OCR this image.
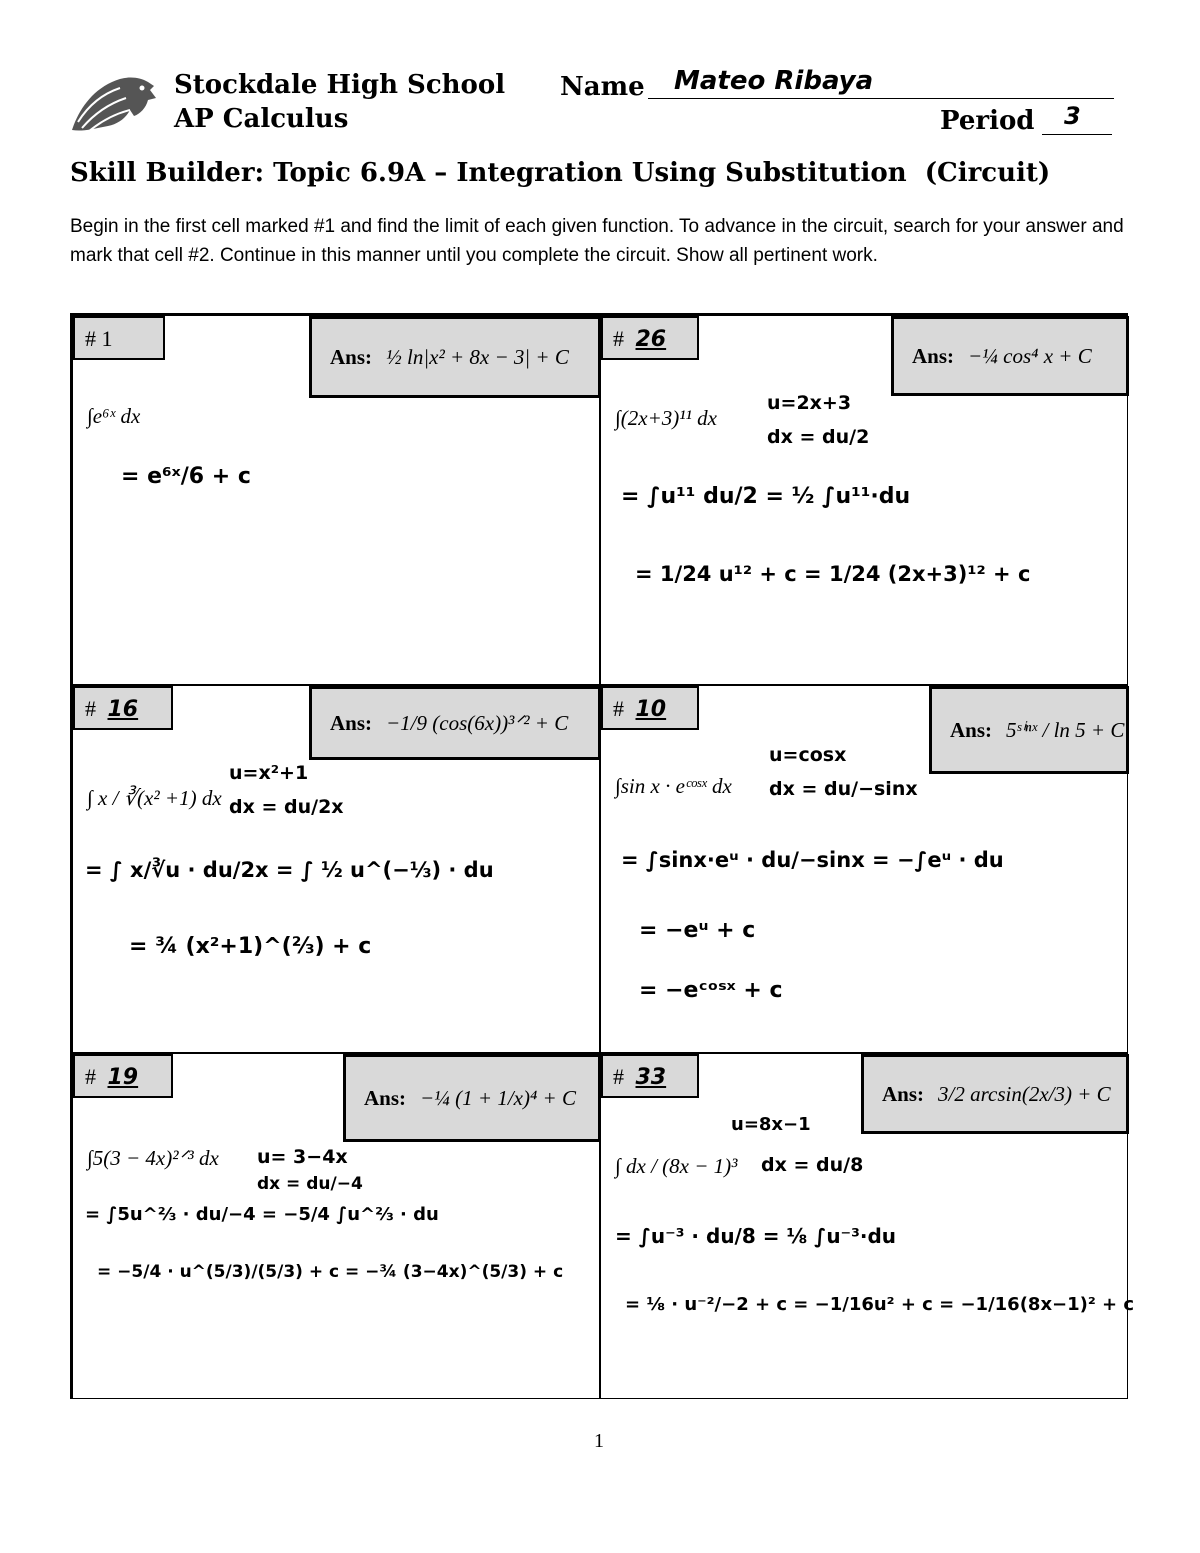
Stockdale High School
AP Calculus
Name Mateo Ribaya
Period 3
Skill Builder: Topic 6.9A – Integration Using Substitution  (Circuit)
Begin in the first cell marked #1 and find the limit of each given function. To advance in the circuit, search for your answer and mark that cell #2. Continue in this manner until you complete the circuit. Show all pertinent work.
# 1
Ans: ½ ln|x² + 8x − 3| + C
∫e⁶ˣ dx
= e⁶ˣ/6 + c
# 26
Ans: −¼ cos⁴ x + C
∫(2x+3)¹¹ dx
u=2x+3
dx = du/2
= ∫u¹¹ du/2 = ½ ∫u¹¹·du
= 1/24 u¹² + c = 1/24 (2x+3)¹² + c
# 16
Ans: −1/9 (cos(6x))³ᐟ² + C
∫ x / ∛(x² +1) dx
u=x²+1
dx = du/2x
= ∫ x/∛u · du/2x = ∫ ½ u^(−⅓) · du
= ¾ (x²+1)^(⅔) + c
# 10
Ans: 5ˢⁱⁿˣ / ln 5 + C
∫sin x · eᶜᵒˢˣ dx
u=cosx
dx = du/−sinx
= ∫sinx·eᵘ · du/−sinx = −∫eᵘ · du
= −eᵘ + c
= −eᶜᵒˢˣ + c
# 19
Ans: −¼ (1 + 1/x)⁴ + C
∫5(3 − 4x)²ᐟ³ dx u= 3−4x
dx = du/−4
= ∫5u^⅔ · du/−4 = −5/4 ∫u^⅔ · du
= −5/4 · u^(5/3)/(5/3) + c = −¾ (3−4x)^(5/3) + c
# 33
Ans: 3/2 arcsin(2x/3) + C
∫ dx / (8x − 1)³
u=8x−1
dx = du/8
= ∫u⁻³ · du/8 = ⅛ ∫u⁻³·du
= ⅛ · u⁻²/−2 + c = −1/16u² + c = −1/16(8x−1)² + c
1
